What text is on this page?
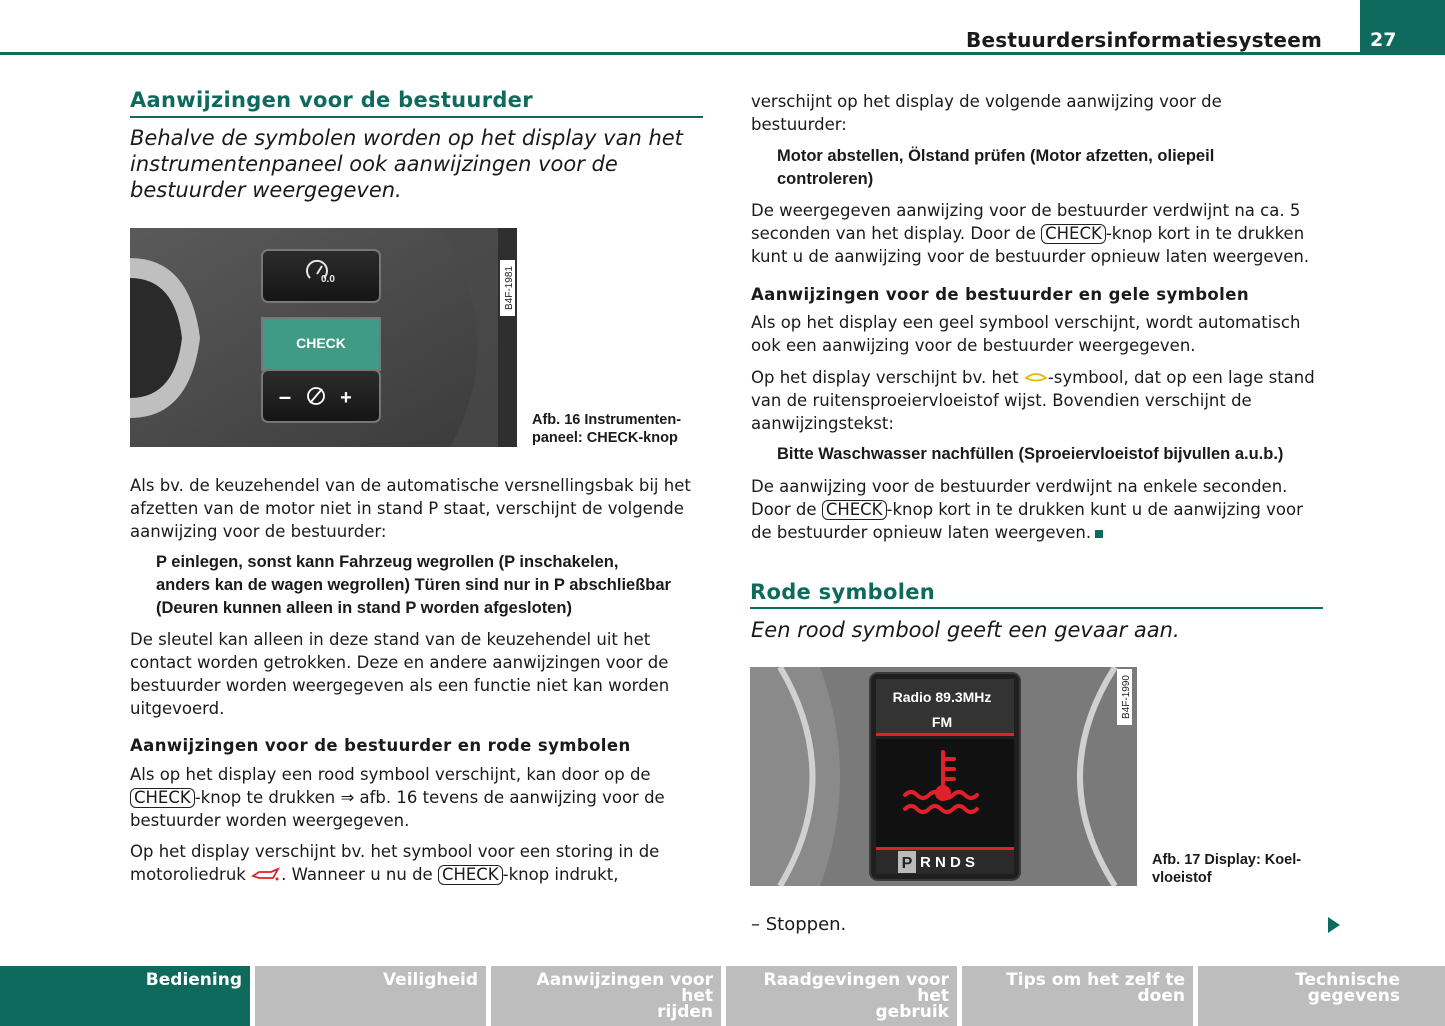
Bestuurdersinformatiesysteem	27
Aanwijzingen voor de bestuurder
Behalve de symbolen worden op het display van het instrumentenpaneel ook aanwijzingen voor de bestuurder weergegeven.
0.0
CHECK
– +
B4F-1981
Afb. 16 Instrumenten-
paneel: CHECK-knop
Als bv. de keuzehendel van de automatische versnellingsbak bij het afzetten van de motor niet in stand P staat, verschijnt de volgende aanwijzing voor de bestuurder:
P einlegen, sonst kann Fahrzeug wegrollen (P inschakelen,
anders kan de wagen wegrollen) Türen sind nur in P abschließbar
(Deuren kunnen alleen in stand P worden afgesloten)
De sleutel kan alleen in deze stand van de keuzehendel uit het contact worden getrokken. Deze en andere aanwijzingen voor de bestuurder worden weergegeven als een functie niet kan worden uitgevoerd.
Aanwijzingen voor de bestuurder en rode symbolen
Als op het display een rood symbool verschijnt, kan door op de
CHECK -knop te drukken ⇒ afb. 16 tevens de aanwijzing voor de
bestuurder worden weergegeven.
Op het display verschijnt bv. het symbool voor een storing in de
motoroliedruk . Wanneer u nu de CHECK -knop indrukt,
verschijnt op het display de volgende aanwijzing voor de bestuurder:
Motor abstellen, Ölstand prüfen (Motor afzetten, oliepeil
controleren)
De weergegeven aanwijzing voor de bestuurder verdwijnt na ca. 5
seconden van het display. Door de CHECK -knop kort in te drukken
kunt u de aanwijzing voor de bestuurder opnieuw laten weergeven.
Aanwijzingen voor de bestuurder en gele symbolen
Als op het display een geel symbool verschijnt, wordt automatisch ook een aanwijzing voor de bestuurder weergegeven.
Op het display verschijnt bv. het -symbool, dat op een lage stand
van de ruitensproeiervloeistof wijst. Bovendien verschijnt de
aanwijzingstekst:
Bitte Waschwasser nachfüllen (Sproeiervloeistof bijvullen a.u.b.)
De aanwijzing voor de bestuurder verdwijnt na enkele seconden.
Door de CHECK -knop kort in te drukken kunt u de aanwijzing voor
de bestuurder opnieuw laten weergeven.
Rode symbolen
Een rood symbool geeft een gevaar aan.
Radio 89.3MHz
FM
P R N D S
B4F-1990
Afb. 17 Display: Koel-
vloeistof
– Stoppen.
Bediening	Veiligheid	Aanwijzingen voor het
rijden
Raadgevingen voor het
gebruik
Tips om het zelf te doen
Technische gegevens
